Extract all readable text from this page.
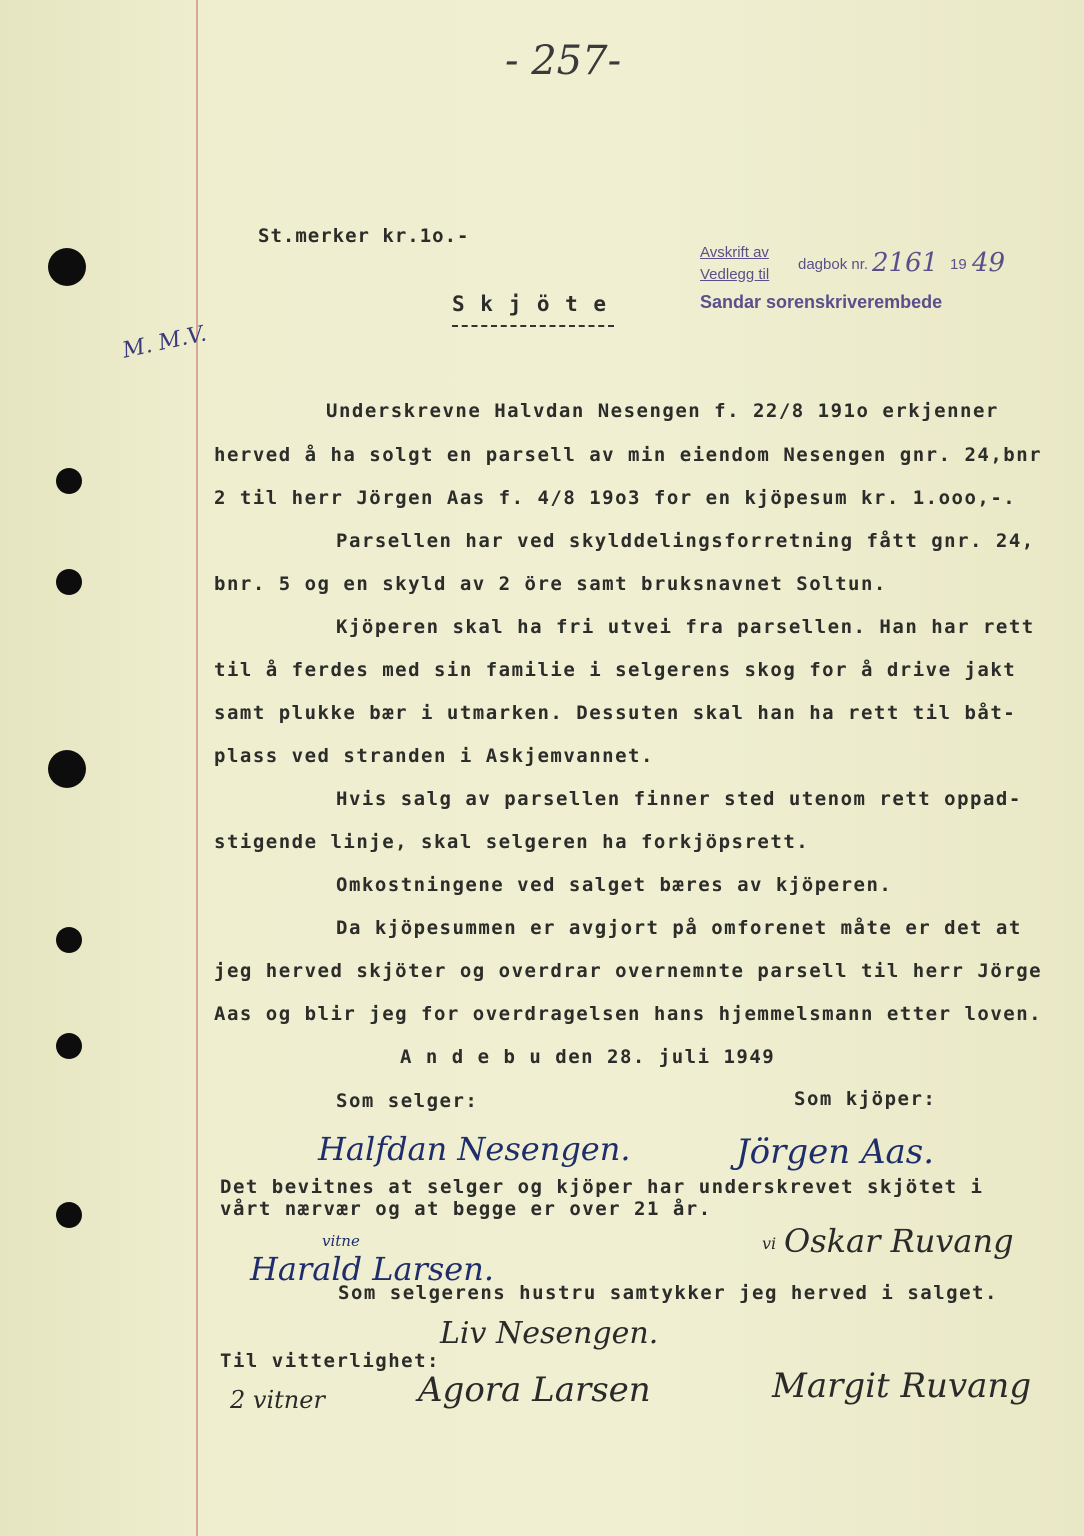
- 257-
M. M.V.
St.merker kr.1o.-
Avskrift av
dagbok nr.
Vedlegg til	2161 19 49
Sandar sorenskriverembede
S k j ö t e
Underskrevne Halvdan Nesengen f. 22/8 191o erkjenner
herved å ha solgt en parsell av min eiendom Nesengen gnr. 24,bnr
2 til herr Jörgen Aas f. 4/8 19o3 for en kjöpesum kr. 1.ooo,-.
Parsellen har ved skylddelingsforretning fått gnr. 24,
bnr. 5 og en skyld av 2 öre samt bruksnavnet Soltun.
Kjöperen skal ha fri utvei fra parsellen. Han har rett
til å ferdes med sin familie i selgerens skog for å drive jakt
samt plukke bær i utmarken. Dessuten skal han ha rett til båt-
plass ved stranden i Askjemvannet.
Hvis salg av parsellen finner sted utenom rett oppad-
stigende linje, skal selgeren ha forkjöpsrett.
Omkostningene ved salget bæres av kjöperen.
Da kjöpesummen er avgjort på omforenet måte er det at
jeg herved skjöter og overdrar overnemnte parsell til herr Jörge
Aas og blir jeg for overdragelsen hans hjemmelsmann etter loven.
A n d e b u den 28. juli 1949
Som selger:	Som kjöper:
Halfdan Nesengen.	Jörgen Aas.
Det bevitnes at selger og kjöper har underskrevet skjötet i
vårt nærvær og at begge er over 21 år.
vitne
Harald Larsen.
vi Oskar Ruvang
Som selgerens hustru samtykker jeg herved i salget.
Liv Nesengen.
Til vitterlighet:
2 vitner	Agora Larsen	Margit Ruvang
